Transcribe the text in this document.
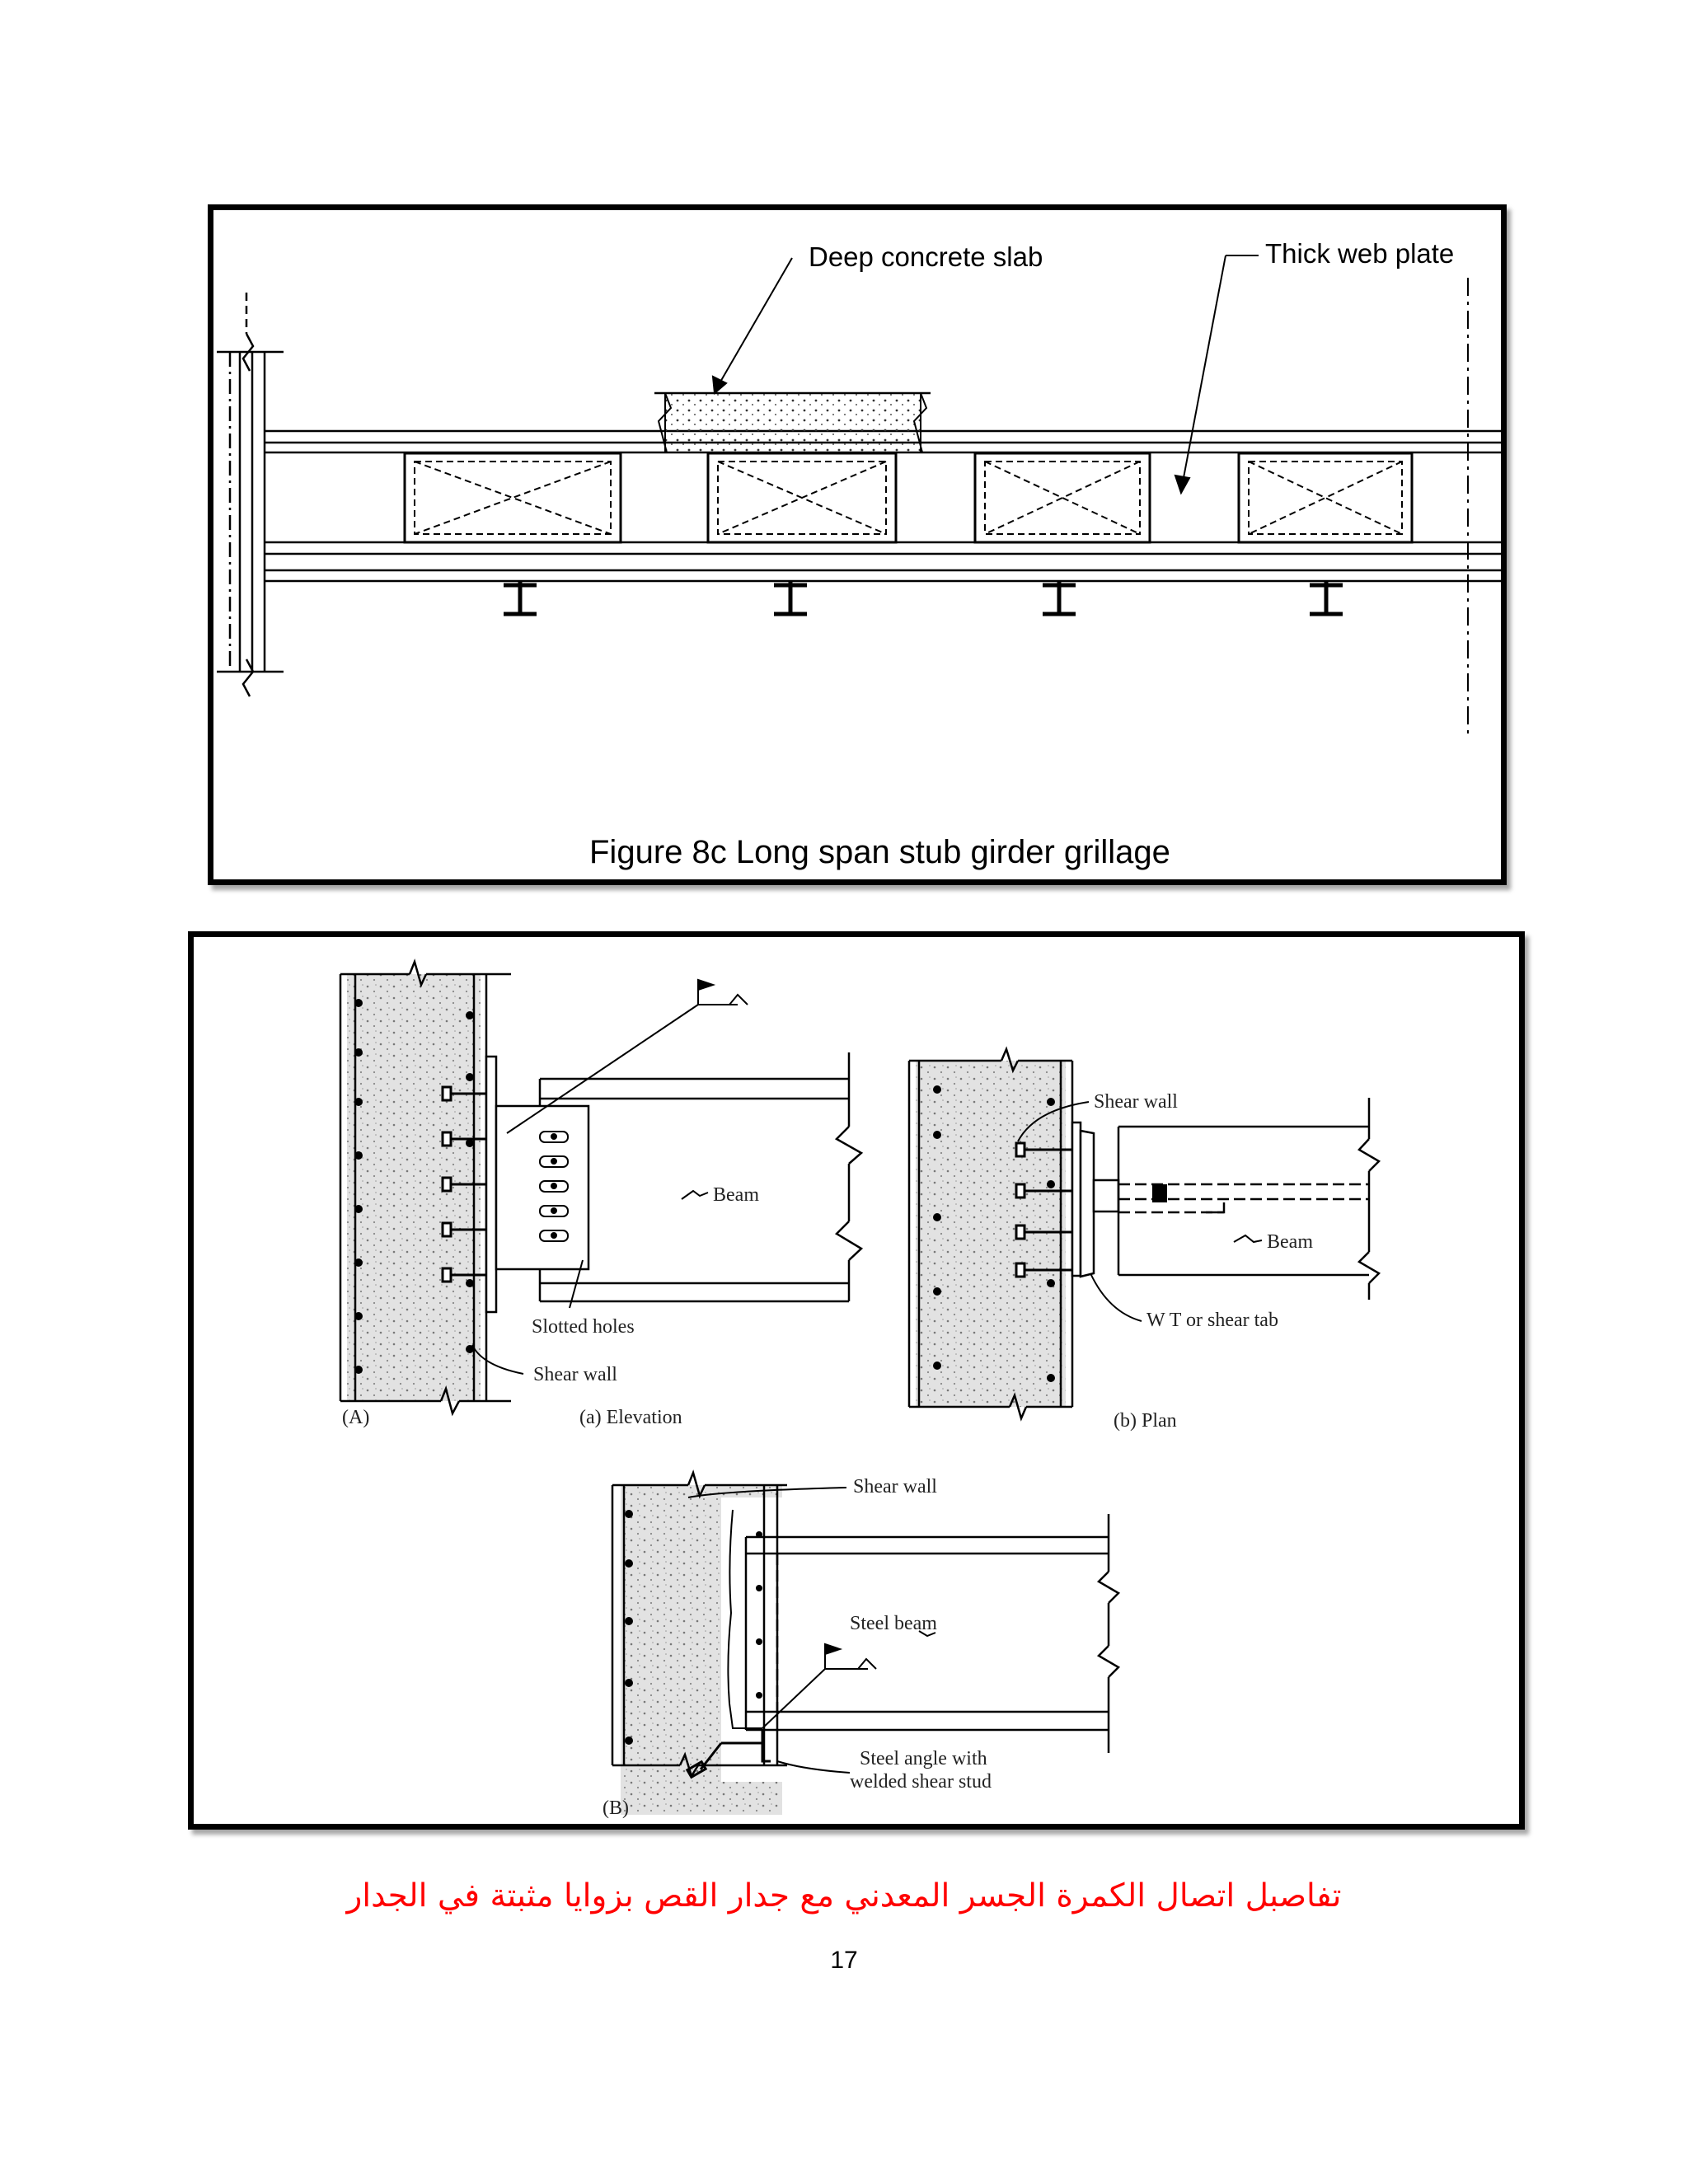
Deep concrete slab	Thick web plate
Figure 8c Long span stub girder grillage
Beam
Slotted holes
Shear wall
(A)	(a) Elevation
Shear wall
Beam
W T or shear tab
(b) Plan
Shear wall
Steel beam
Steel angle with
welded shear stud
(B)
تفاصبل اتصال الكمرة الجسر المعدني مع جدار القص بزوايا مثبتة في الجدار
17
